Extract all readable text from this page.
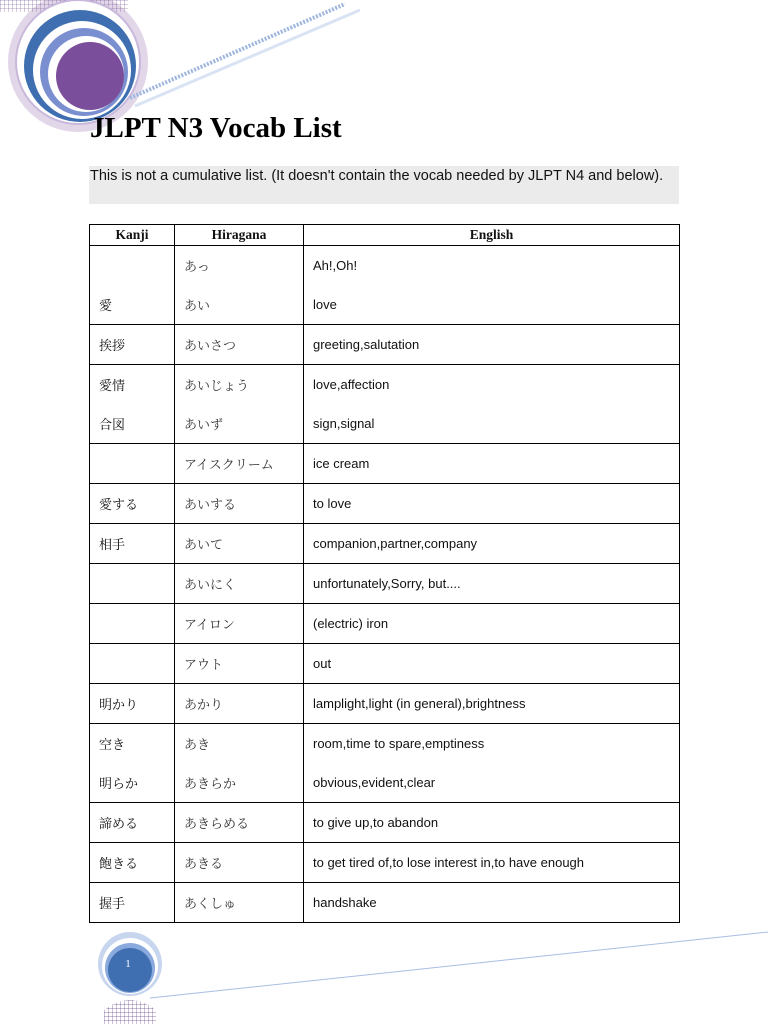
JLPT N3 Vocab List
This is not a cumulative list. (It doesn't contain the vocab needed by JLPT N4 and below).
Kanji	Hiragana	English
	あっ	Ah!,Oh!
愛	あい	love
挨拶	あいさつ	greeting,salutation
愛情	あいじょう	love,affection
合図	あいず	sign,signal
	アイスクリーム	ice cream
愛する	あいする	to love
相手	あいて	companion,partner,company
	あいにく	unfortunately,Sorry, but....
	アイロン	(electric) iron
	アウト	out
明かり	あかり	lamplight,light (in general),brightness
空き	あき	room,time to spare,emptiness
明らか	あきらか	obvious,evident,clear
諦める	あきらめる	to give up,to abandon
飽きる	あきる	to get tired of,to lose interest in,to have enough
握手	あくしゅ	handshake
1
